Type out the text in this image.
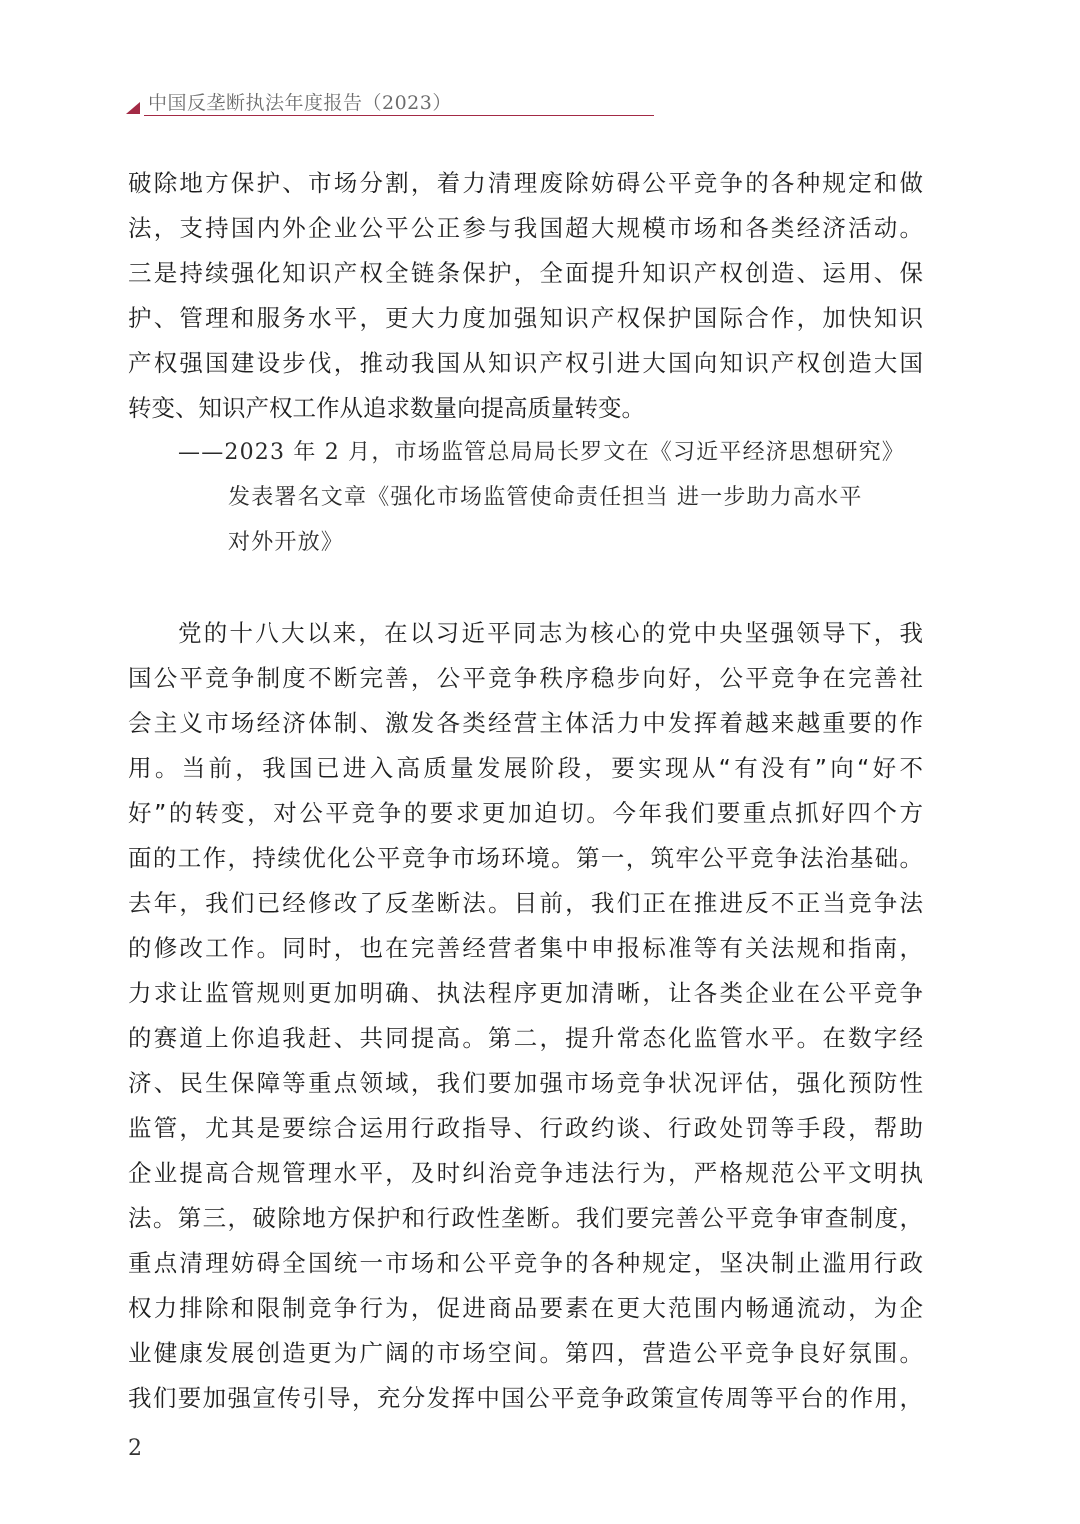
中国反垄断执法年度报告（2023）
破除地方保护、市场分割，着力清理废除妨碍公平竞争的各种规定和做
法，支持国内外企业公平公正参与我国超大规模市场和各类经济活动。
三是持续强化知识产权全链条保护，全面提升知识产权创造、运用、保
护、管理和服务水平，更大力度加强知识产权保护国际合作，加快知识
产权强国建设步伐，推动我国从知识产权引进大国向知识产权创造大国
转变、知识产权工作从追求数量向提高质量转变。
——2023 年 2 月，市场监管总局局长罗文在《习近平经济思想研究》
发表署名文章《强化市场监管使命责任担当 进一步助力高水平
对外开放》
党的十八大以来，在以习近平同志为核心的党中央坚强领导下，我
国公平竞争制度不断完善，公平竞争秩序稳步向好，公平竞争在完善社
会主义市场经济体制、激发各类经营主体活力中发挥着越来越重要的作
用。当前，我国已进入高质量发展阶段，要实现从“有没有”向“好不
好”的转变，对公平竞争的要求更加迫切。今年我们要重点抓好四个方
面的工作，持续优化公平竞争市场环境。第一，筑牢公平竞争法治基础。
去年，我们已经修改了反垄断法。目前，我们正在推进反不正当竞争法
的修改工作。同时，也在完善经营者集中申报标准等有关法规和指南，
力求让监管规则更加明确、执法程序更加清晰，让各类企业在公平竞争
的赛道上你追我赶、共同提高。第二，提升常态化监管水平。在数字经
济、民生保障等重点领域，我们要加强市场竞争状况评估，强化预防性
监管，尤其是要综合运用行政指导、行政约谈、行政处罚等手段，帮助
企业提高合规管理水平，及时纠治竞争违法行为，严格规范公平文明执
法。第三，破除地方保护和行政性垄断。我们要完善公平竞争审查制度，
重点清理妨碍全国统一市场和公平竞争的各种规定，坚决制止滥用行政
权力排除和限制竞争行为，促进商品要素在更大范围内畅通流动，为企
业健康发展创造更为广阔的市场空间。第四，营造公平竞争良好氛围。
我们要加强宣传引导，充分发挥中国公平竞争政策宣传周等平台的作用，
2
